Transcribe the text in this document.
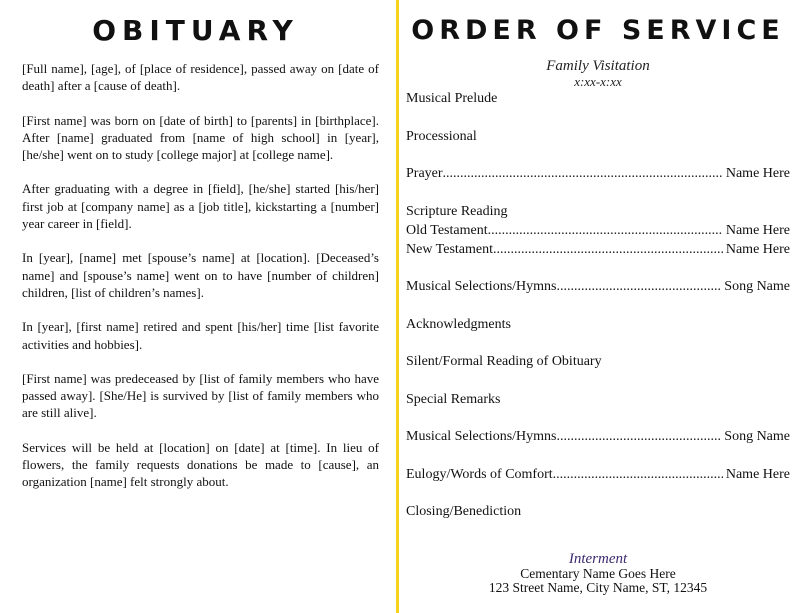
OBITUARY

[Full name], [age], of [place of residence], passed away on [date of death] after a [cause of death].

[First name] was born on [date of birth] to [parents] in [birthplace]. After [name] graduated from [name of high school] in [year], [he/she] went on to study [college major] at [college name].

After graduating with a degree in [field], [he/she] started [his/her] first job at [company name] as a [job title], kickstarting a [number] year career in [field].

In [year], [name] met [spouse’s name] at [location]. [Deceased’s name] and [spouse’s name] went on to have [number of children] children, [list of children’s names].

In [year], [first name] retired and spent [his/her] time [list favorite activities and hobbies].

[First name] was predeceased by [list of family members who have passed away]. [She/He] is survived by [list of family members who are still alive].

Services will be held at [location] on [date] at [time]. In lieu of flowers, the family requests donations be made to [cause], an organization [name] felt strongly about.

ORDER OF SERVICE
Family Visitation
x:xx-x:xx
Musical Prelude
Processional
Prayer .....	Name Here
Scripture Reading
Old Testament .....	Name Here
New Testament .....	Name Here
Musical Selections/Hymns .....	Song Name
Acknowledgments
Silent/Formal Reading of Obituary
Special Remarks
Musical Selections/Hymns .....	Song Name
Eulogy/Words of Comfort .....	Name Here
Closing/Benediction
Interment
Cementary Name Goes Here
123 Street Name, City Name, ST, 12345
